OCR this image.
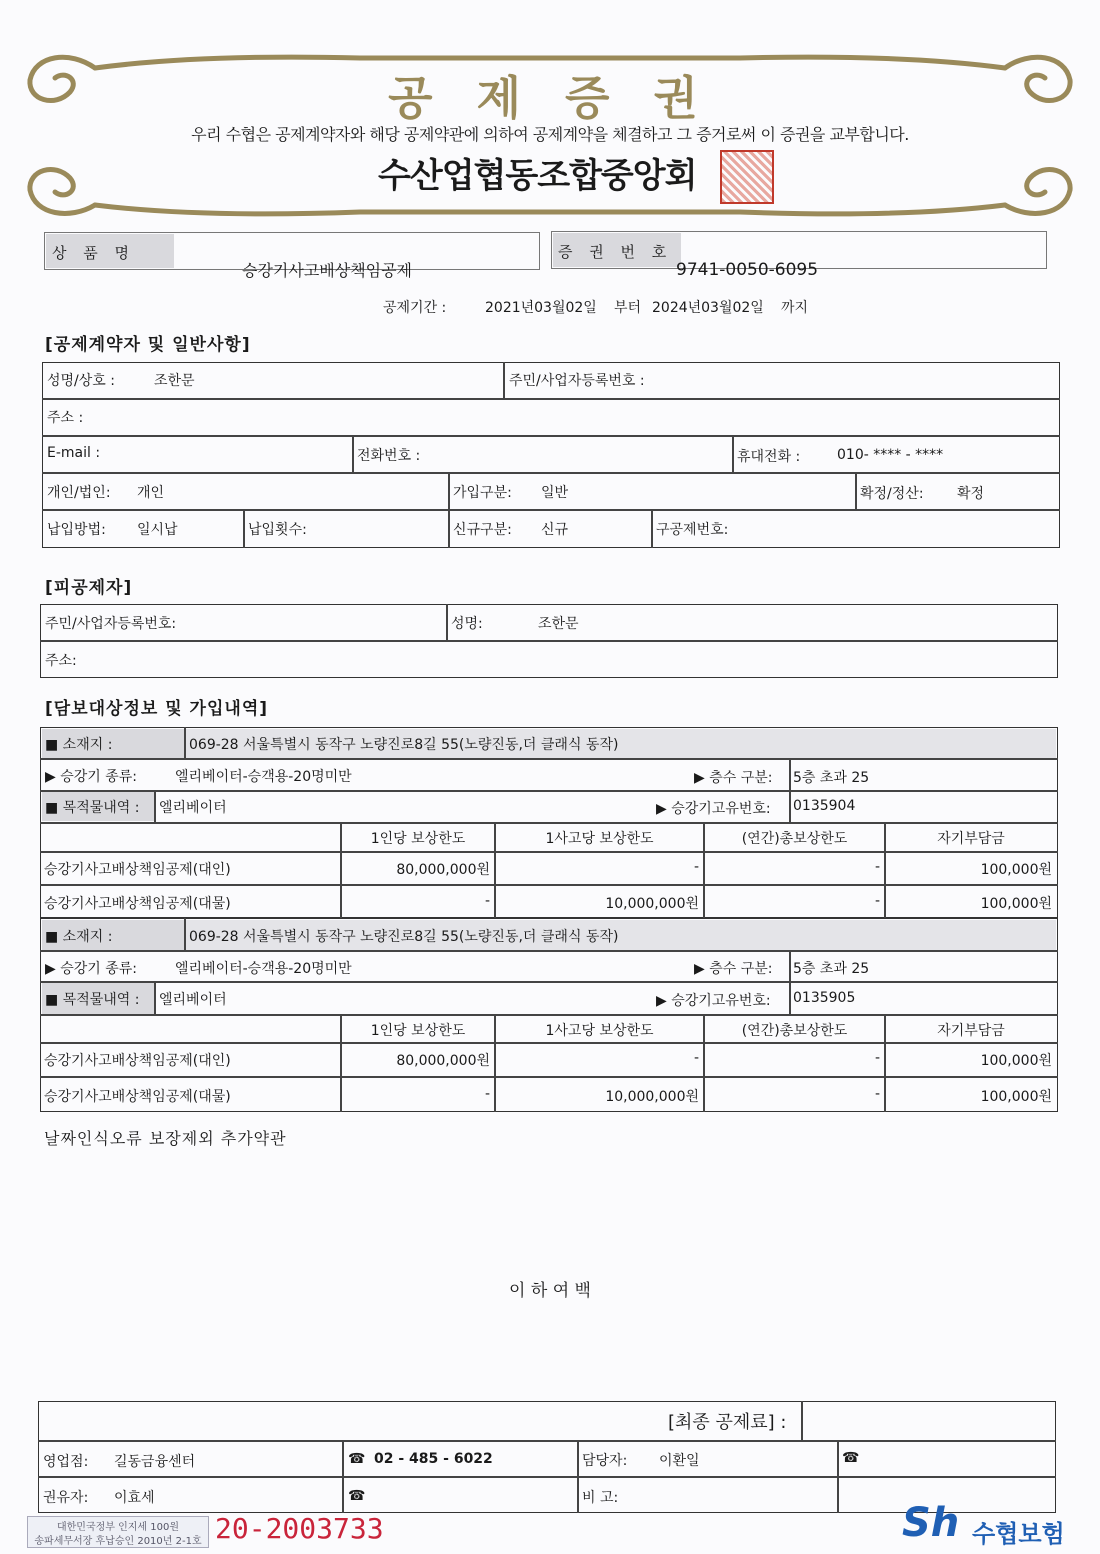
공 제 증 권
우리 수협은 공제계약자와 해당 공제약관에 의하여 공제계약을 체결하고 그 증거로써 이 증권을 교부합니다.
수산업협동조합중앙회
상 품 명
승강기사고배상책임공제
증 권 번 호
9741-0050-6095
공제기간 :	2021년03월02일 부터 2024년03월02일 까지
[공제계약자 및 일반사항]
성명/상호 :	조한문	주민/사업자등록번호 :
주소 :
E-mail :	전화번호 :	휴대전화 :	010- **** - ****
개인/법인: 개인	가입구분: 일반	확정/정산: 확정
납입방법: 일시납	납입횟수:	신규구분: 신규	구공제번호:
[피공제자]
주민/사업자등록번호:	성명:	조한문
주소:
[담보대상정보 및 가입내역]
■ 소재지 :	069-28 서울특별시 동작구 노량진로8길 55(노량진동,더 클래식 동작)
▶ 승강기 종류:	엘리베이터-승객용-20명미만	▶ 층수 구분: 5층 초과 25
■ 목적물내역 : 엘리베이터	▶ 승강기고유번호: 0135904
1인당 보상한도	1사고당 보상한도	(연간)총보상한도	자기부담금
승강기사고배상책임공제(대인)	80,000,000원	-	-	100,000원
승강기사고배상책임공제(대물)	-	10,000,000원	-	100,000원
■ 소재지 :	069-28 서울특별시 동작구 노량진로8길 55(노량진동,더 클래식 동작)
▶ 승강기 종류:	엘리베이터-승객용-20명미만	▶ 층수 구분: 5층 초과 25
■ 목적물내역 : 엘리베이터	▶ 승강기고유번호: 0135905
1인당 보상한도	1사고당 보상한도	(연간)총보상한도	자기부담금
승강기사고배상책임공제(대인)	80,000,000원	-	-	100,000원
승강기사고배상책임공제(대물)	-	10,000,000원	-	100,000원
날짜인식오류 보장제외 추가약관
이 하 여 백
[최종 공제료] :
영업점: 길동금융센터	☎ 02 - 485 - 6022	담당자: 이환일	☎
권유자: 이효세	☎	비 고:
대한민국정부 인지세 100원
송파세무서장 후납승인 2010년 2-1호 20-2003733	Sh 수협보험
